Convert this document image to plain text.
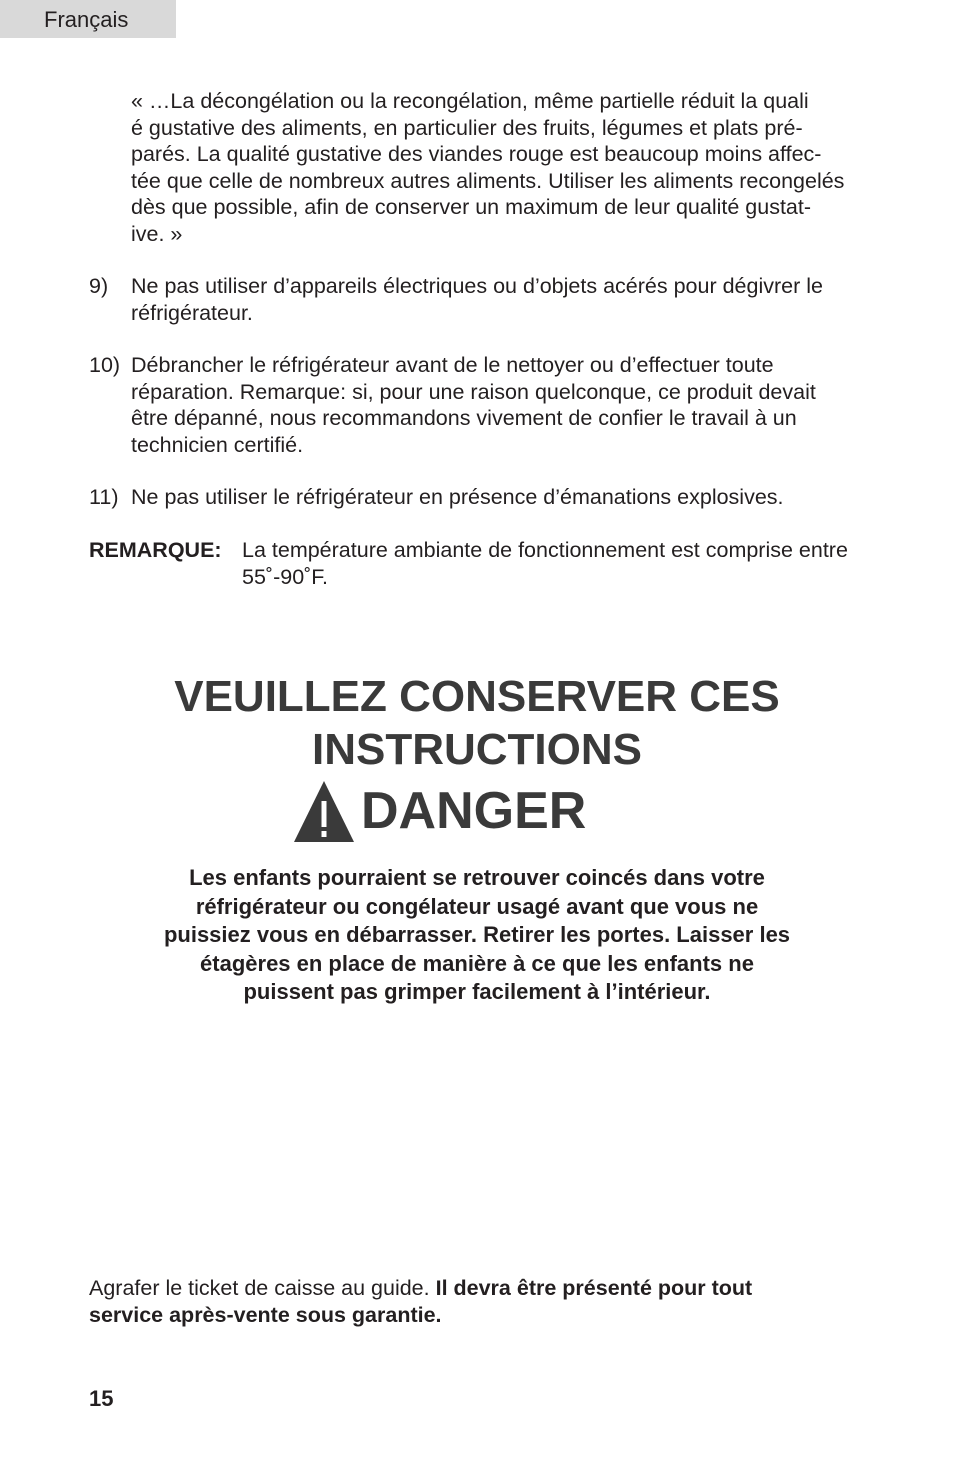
Français
« …La décongélation ou la recongélation, même partielle réduit la quali
é gustative des aliments, en particulier des fruits, légumes et plats pré-
parés. La qualité gustative des viandes rouge est beaucoup moins affec-
tée que celle de nombreux autres aliments. Utiliser les aliments recongelés
dès que possible, afin de conserver un maximum de leur qualité gustat-
ive. »
9) Ne pas utiliser d’appareils électriques ou d’objets acérés pour dégivrer le
réfrigérateur.
10) Débrancher le réfrigérateur avant de le nettoyer ou d’effectuer toute
réparation. Remarque: si, pour une raison quelconque, ce produit devait
être dépanné, nous recommandons vivement de confier le travail à un
technicien certifié.
11) Ne pas utiliser le réfrigérateur en présence d’émanations explosives.
REMARQUE: La température ambiante de fonctionnement est comprise entre
55˚-90˚F.
VEUILLEZ CONSERVER CES
INSTRUCTIONS
DANGER
Les enfants pourraient se retrouver coincés dans votre
réfrigérateur ou congélateur usagé avant que vous ne
puissiez vous en débarrasser. Retirer les portes. Laisser les
étagères en place de manière à ce que les enfants ne
puissent pas grimper facilement à l’intérieur.
Agrafer le ticket de caisse au guide. Il devra être présenté pour tout
service après-vente sous garantie.
15
